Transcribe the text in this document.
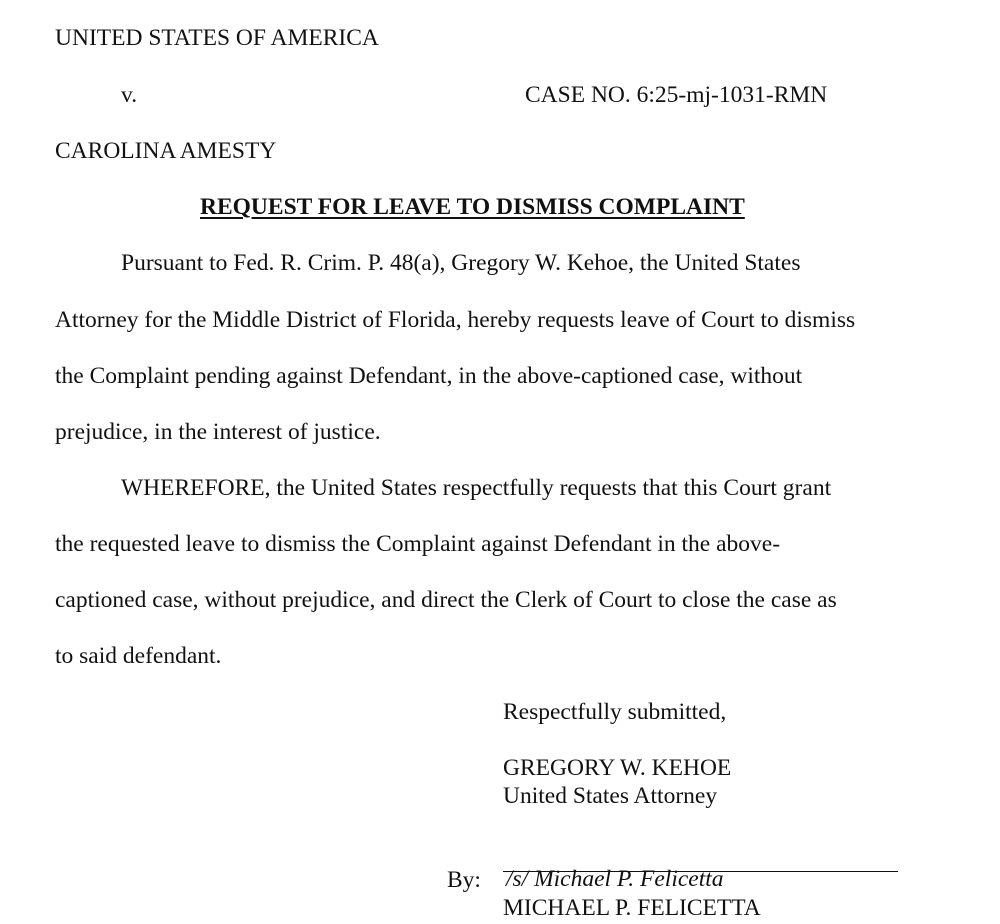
UNITED STATES OF AMERICA
v.	CASE NO. 6:25-mj-1031-RMN
CAROLINA AMESTY
REQUEST FOR LEAVE TO DISMISS COMPLAINT
Pursuant to Fed. R. Crim. P. 48(a), Gregory W. Kehoe, the United States
Attorney for the Middle District of Florida, hereby requests leave of Court to dismiss
the Complaint pending against Defendant, in the above-captioned case, without
prejudice, in the interest of justice.
WHEREFORE, the United States respectfully requests that this Court grant
the requested leave to dismiss the Complaint against Defendant in the above-
captioned case, without prejudice, and direct the Clerk of Court to close the case as
to said defendant.
Respectfully submitted,
GREGORY W. KEHOE
United States Attorney
By: /s/ Michael P. Felicetta
MICHAEL P. FELICETTA
